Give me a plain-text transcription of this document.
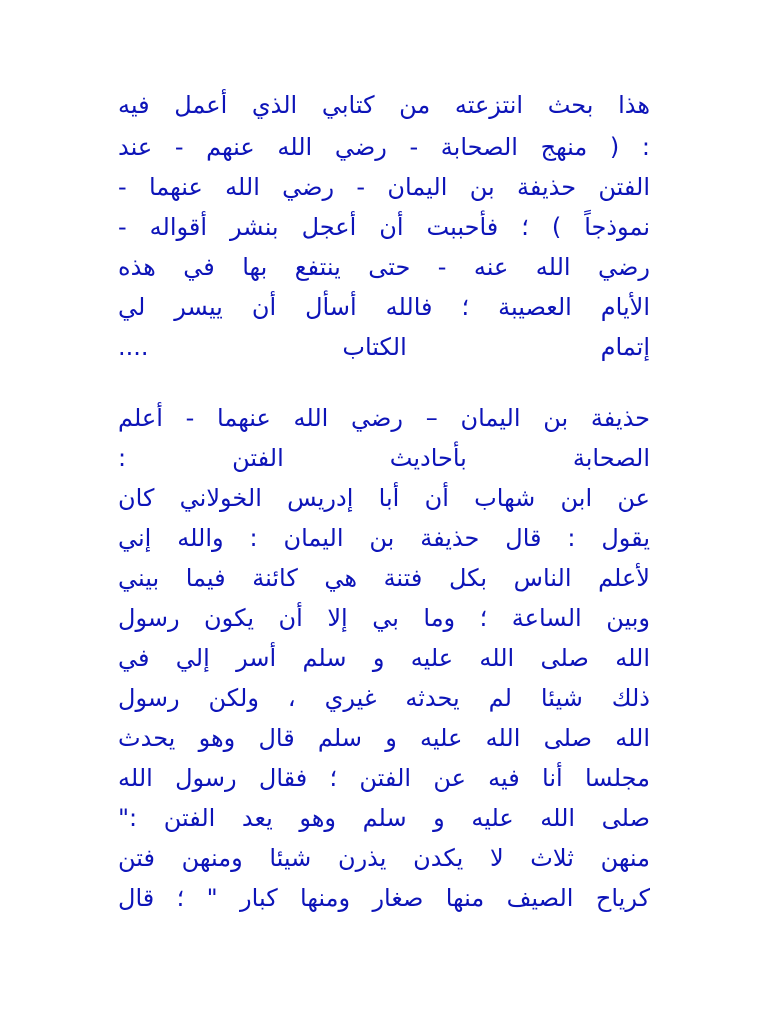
هذا بحث انتزعته من كتابي الذي أعمل فيه
: ( منهج الصحابة - رضي الله عنهم - عند
الفتن حذيفة بن اليمان - رضي الله عنهما -
نموذجاً ) ؛ فأحببت أن أعجل بنشر أقواله -
رضي الله عنه - حتى ينتفع بها في هذه
الأيام العصيبة ؛ فالله أسأل أن ييسر لي
إتمام الكتاب ....
حذيفة بن اليمان – رضي الله عنهما - أعلم
الصحابة بأحاديث الفتن :
عن ابن شهاب أن أبا إدريس الخولاني كان
يقول : قال حذيفة بن اليمان : والله إني
لأعلم الناس بكل فتنة هي كائنة فيما بيني
وبين الساعة ؛ وما بي إلا أن يكون رسول
الله صلى الله عليه و سلم أسر إلي في
ذلك شيئا لم يحدثه غيري ، ولكن رسول
الله صلى الله عليه و سلم قال وهو يحدث
مجلسا أنا فيه عن الفتن ؛ فقال رسول الله
صلى الله عليه و سلم وهو يعد الفتن :"
منهن ثلاث لا يكدن يذرن شيئا ومنهن فتن
كرياح الصيف منها صغار ومنها كبار " ؛ قال
